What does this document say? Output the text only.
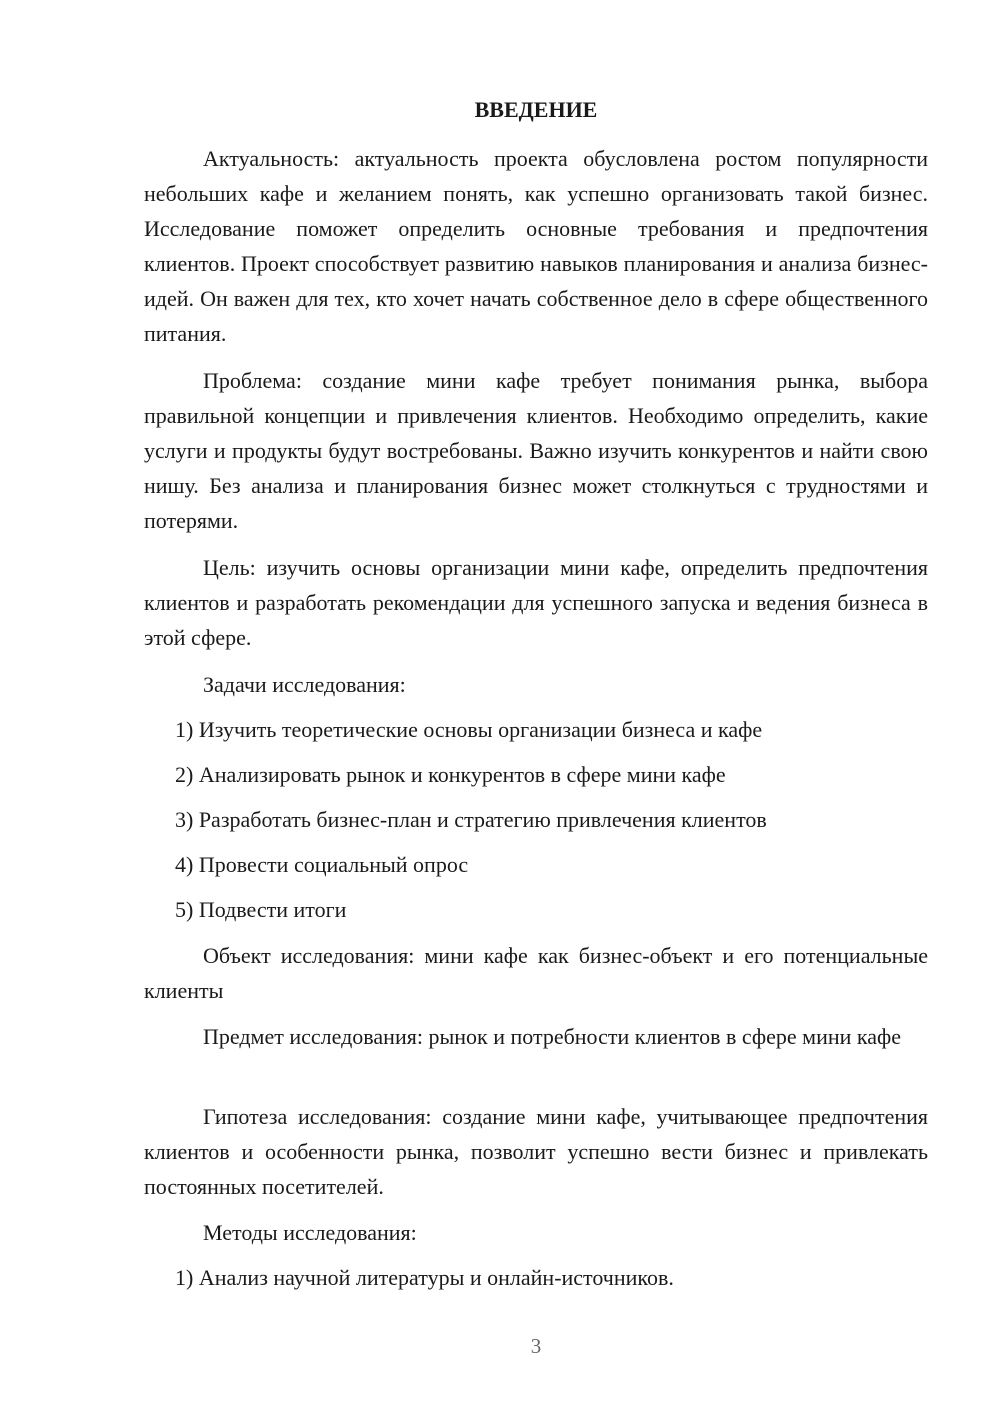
ВВЕДЕНИЕ

Актуальность: актуальность проекта обусловлена ростом популярности небольших кафе и желанием понять, как успешно организовать такой бизнес. Исследование поможет определить основные требования и предпочтения клиентов. Проект способствует развитию навыков планирования и анализа бизнес-идей. Он важен для тех, кто хочет начать собственное дело в сфере общественного питания.

Проблема: создание мини кафе требует понимания рынка, выбора правильной концепции и привлечения клиентов. Необходимо определить, какие услуги и продукты будут востребованы. Важно изучить конкурентов и найти свою нишу. Без анализа и планирования бизнес может столкнуться с трудностями и потерями.

Цель: изучить основы организации мини кафе, определить предпочтения клиентов и разработать рекомендации для успешного запуска и ведения бизнеса в этой сфере.

Задачи исследования:
1) Изучить теоретические основы организации бизнеса и кафе
2) Анализировать рынок и конкурентов в сфере мини кафе
3) Разработать бизнес-план и стратегию привлечения клиентов
4) Провести социальный опрос
5) Подвести итоги

Объект исследования: мини кафе как бизнес-объект и его потенциальные клиенты

Предмет исследования: рынок и потребности клиентов в сфере мини кафе

Гипотеза исследования: создание мини кафе, учитывающее предпочтения клиентов и особенности рынка, позволит успешно вести бизнес и привлекать постоянных посетителей.

Методы исследования:
1) Анализ научной литературы и онлайн-источников.
3
